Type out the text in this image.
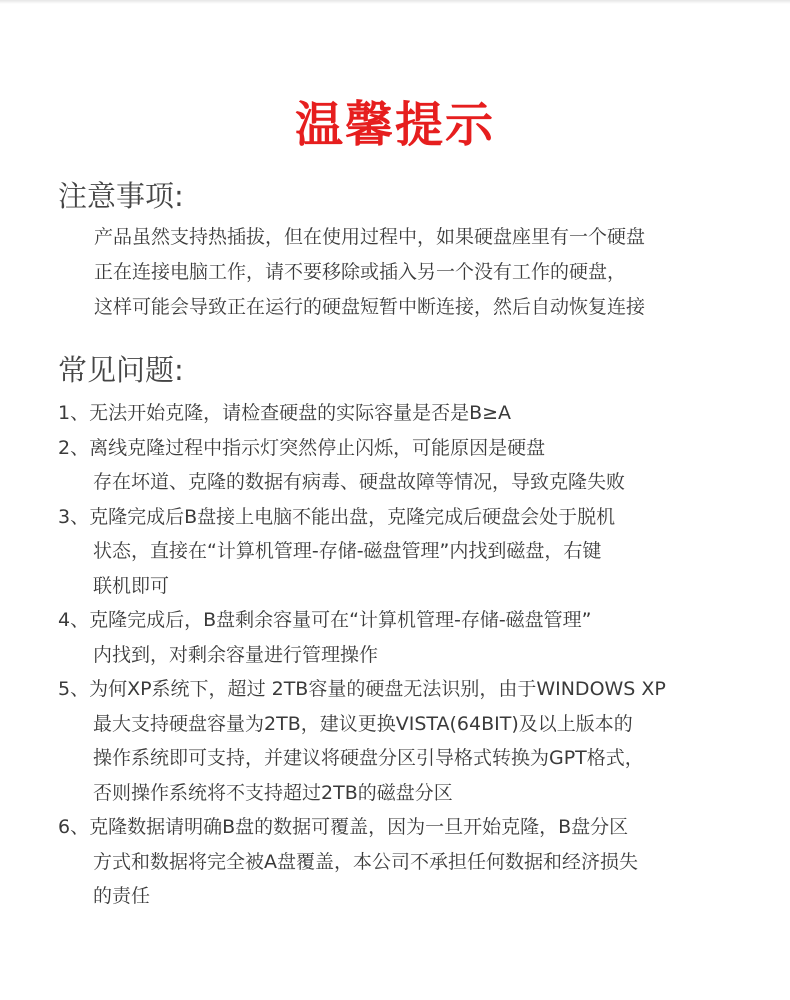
温馨提示
注意事项:
产品虽然支持热插拔，但在使用过程中，如果硬盘座里有一个硬盘
正在连接电脑工作，请不要移除或插入另一个没有工作的硬盘，
这样可能会导致正在运行的硬盘短暂中断连接，然后自动恢复连接
常见问题:
1、无法开始克隆，请检查硬盘的实际容量是否是B≥A
2、离线克隆过程中指示灯突然停止闪烁，可能原因是硬盘
存在坏道、克隆的数据有病毒、硬盘故障等情况，导致克隆失败
3、克隆完成后B盘接上电脑不能出盘，克隆完成后硬盘会处于脱机
状态，直接在“计算机管理-存储-磁盘管理”内找到磁盘，右键
联机即可
4、克隆完成后，B盘剩余容量可在“计算机管理-存储-磁盘管理”
内找到，对剩余容量进行管理操作
5、为何XP系统下，超过 2TB容量的硬盘无法识别，由于WINDOWS XP
最大支持硬盘容量为2TB，建议更换VISTA(64BIT)及以上版本的
操作系统即可支持，并建议将硬盘分区引导格式转换为GPT格式，
否则操作系统将不支持超过2TB的磁盘分区
6、克隆数据请明确B盘的数据可覆盖，因为一旦开始克隆，B盘分区
方式和数据将完全被A盘覆盖，本公司不承担任何数据和经济损失
的责任
